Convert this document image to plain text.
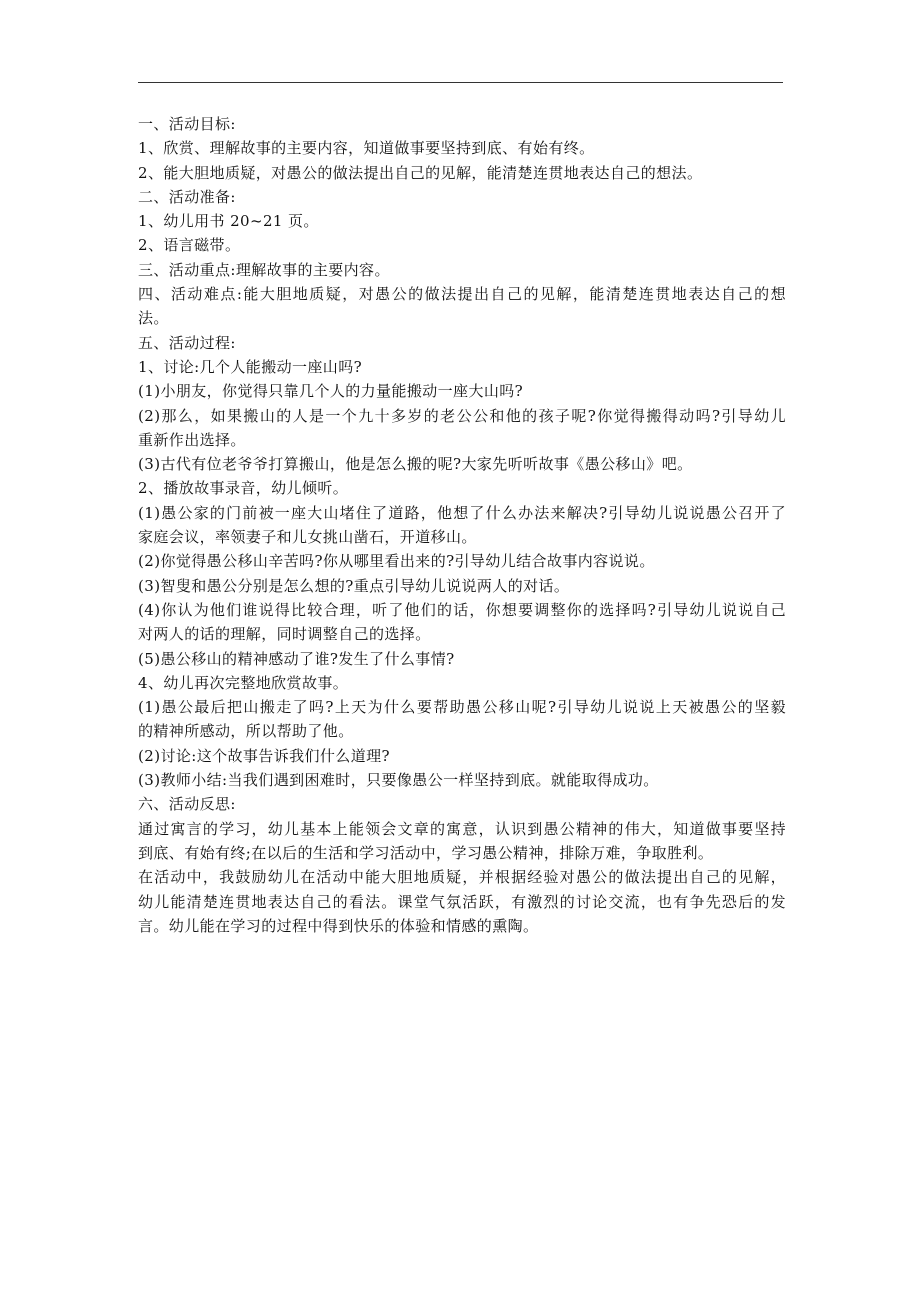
一、活动目标:
1、欣赏、理解故事的主要内容，知道做事要坚持到底、有始有终。
2、能大胆地质疑，对愚公的做法提出自己的见解，能清楚连贯地表达自己的想法。
二、活动准备:
1、幼儿用书 20~21 页。
2、语言磁带。
三、活动重点:理解故事的主要内容。
四、活动难点:能大胆地质疑，对愚公的做法提出自己的见解，能清楚连贯地表达自己的想
法。
五、活动过程:
1、讨论:几个人能搬动一座山吗?
(1)小朋友，你觉得只靠几个人的力量能搬动一座大山吗?
(2)那么，如果搬山的人是一个九十多岁的老公公和他的孩子呢?你觉得搬得动吗?引导幼儿
重新作出选择。
(3)古代有位老爷爷打算搬山，他是怎么搬的呢?大家先听听故事《愚公移山》吧。
2、播放故事录音，幼儿倾听。
(1)愚公家的门前被一座大山堵住了道路，他想了什么办法来解决?引导幼儿说说愚公召开了
家庭会议，率领妻子和儿女挑山凿石，开道移山。
(2)你觉得愚公移山辛苦吗?你从哪里看出来的?引导幼儿结合故事内容说说。
(3)智叟和愚公分别是怎么想的?重点引导幼儿说说两人的对话。
(4)你认为他们谁说得比较合理，听了他们的话，你想要调整你的选择吗?引导幼儿说说自己
对两人的话的理解，同时调整自己的选择。
(5)愚公移山的精神感动了谁?发生了什么事情?
4、幼儿再次完整地欣赏故事。
(1)愚公最后把山搬走了吗?上天为什么要帮助愚公移山呢?引导幼儿说说上天被愚公的坚毅
的精神所感动，所以帮助了他。
(2)讨论:这个故事告诉我们什么道理?
(3)教师小结:当我们遇到困难时，只要像愚公一样坚持到底。就能取得成功。
六、活动反思:
通过寓言的学习，幼儿基本上能领会文章的寓意，认识到愚公精神的伟大，知道做事要坚持
到底、有始有终;在以后的生活和学习活动中，学习愚公精神，排除万难，争取胜利。
在活动中，我鼓励幼儿在活动中能大胆地质疑，并根据经验对愚公的做法提出自己的见解，
幼儿能清楚连贯地表达自己的看法。课堂气氛活跃，有激烈的讨论交流，也有争先恐后的发
言。幼儿能在学习的过程中得到快乐的体验和情感的熏陶。
